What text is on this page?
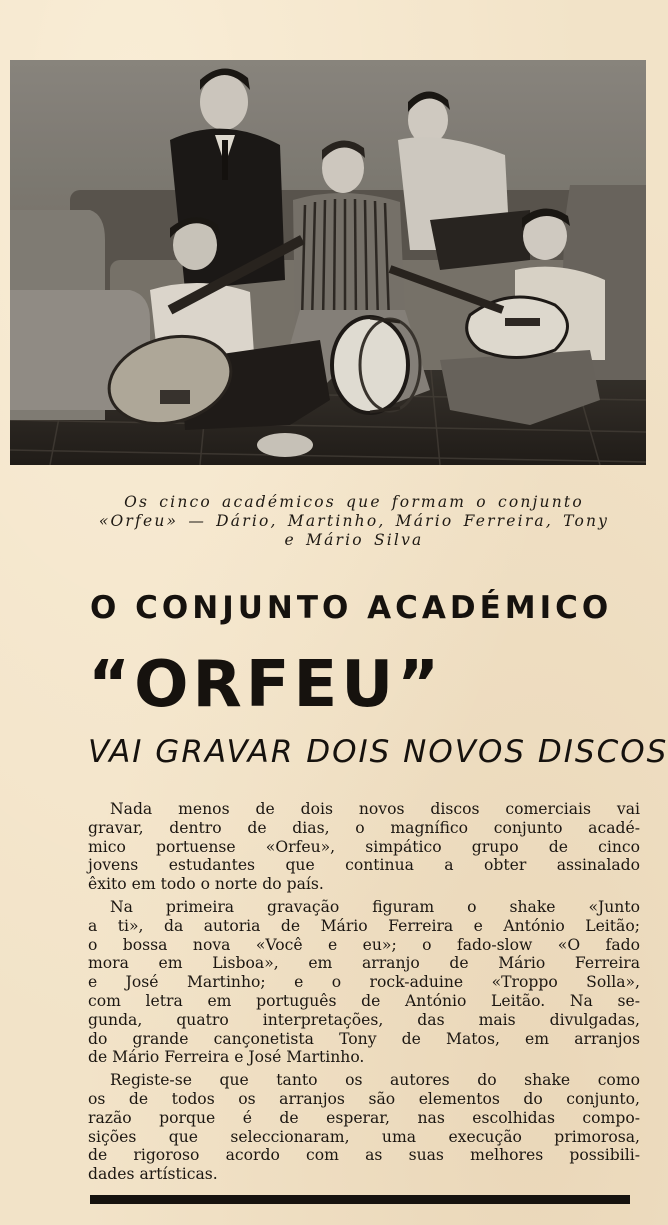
Os cinco académicos que formam o conjunto
«Orfeu» — Dário, Martinho, Mário Ferreira, Tony
e Mário Silva
O CONJUNTO ACADÉMICO
“ORFEU”
VAI GRAVAR DOIS NOVOS DISCOS

Nada menos de dois novos discos comerciais vai
gravar, dentro de dias, o magnífico conjunto acadé-
mico portuense «Orfeu», simpático grupo de cinco
jovens estudantes que continua a obter assinalado
êxito em todo o norte do país.

Na primeira gravação figuram o shake «Junto
a ti», da autoria de Mário Ferreira e António Leitão;
o bossa nova «Você e eu»; o fado-slow «O fado
mora em Lisboa», em arranjo de Mário Ferreira
e José Martinho; e o rock-aduine «Troppo Solla»,
com letra em português de António Leitão. Na se-
gunda, quatro interpretações, das mais divulgadas,
do grande cançonetista Tony de Matos, em arranjos
de Mário Ferreira e José Martinho.

Registe-se que tanto os autores do shake como
os de todos os arranjos são elementos do conjunto,
razão porque é de esperar, nas escolhidas compo-
sições que seleccionaram, uma execução primorosa,
de rigoroso acordo com as suas melhores possibili-
dades artísticas.
